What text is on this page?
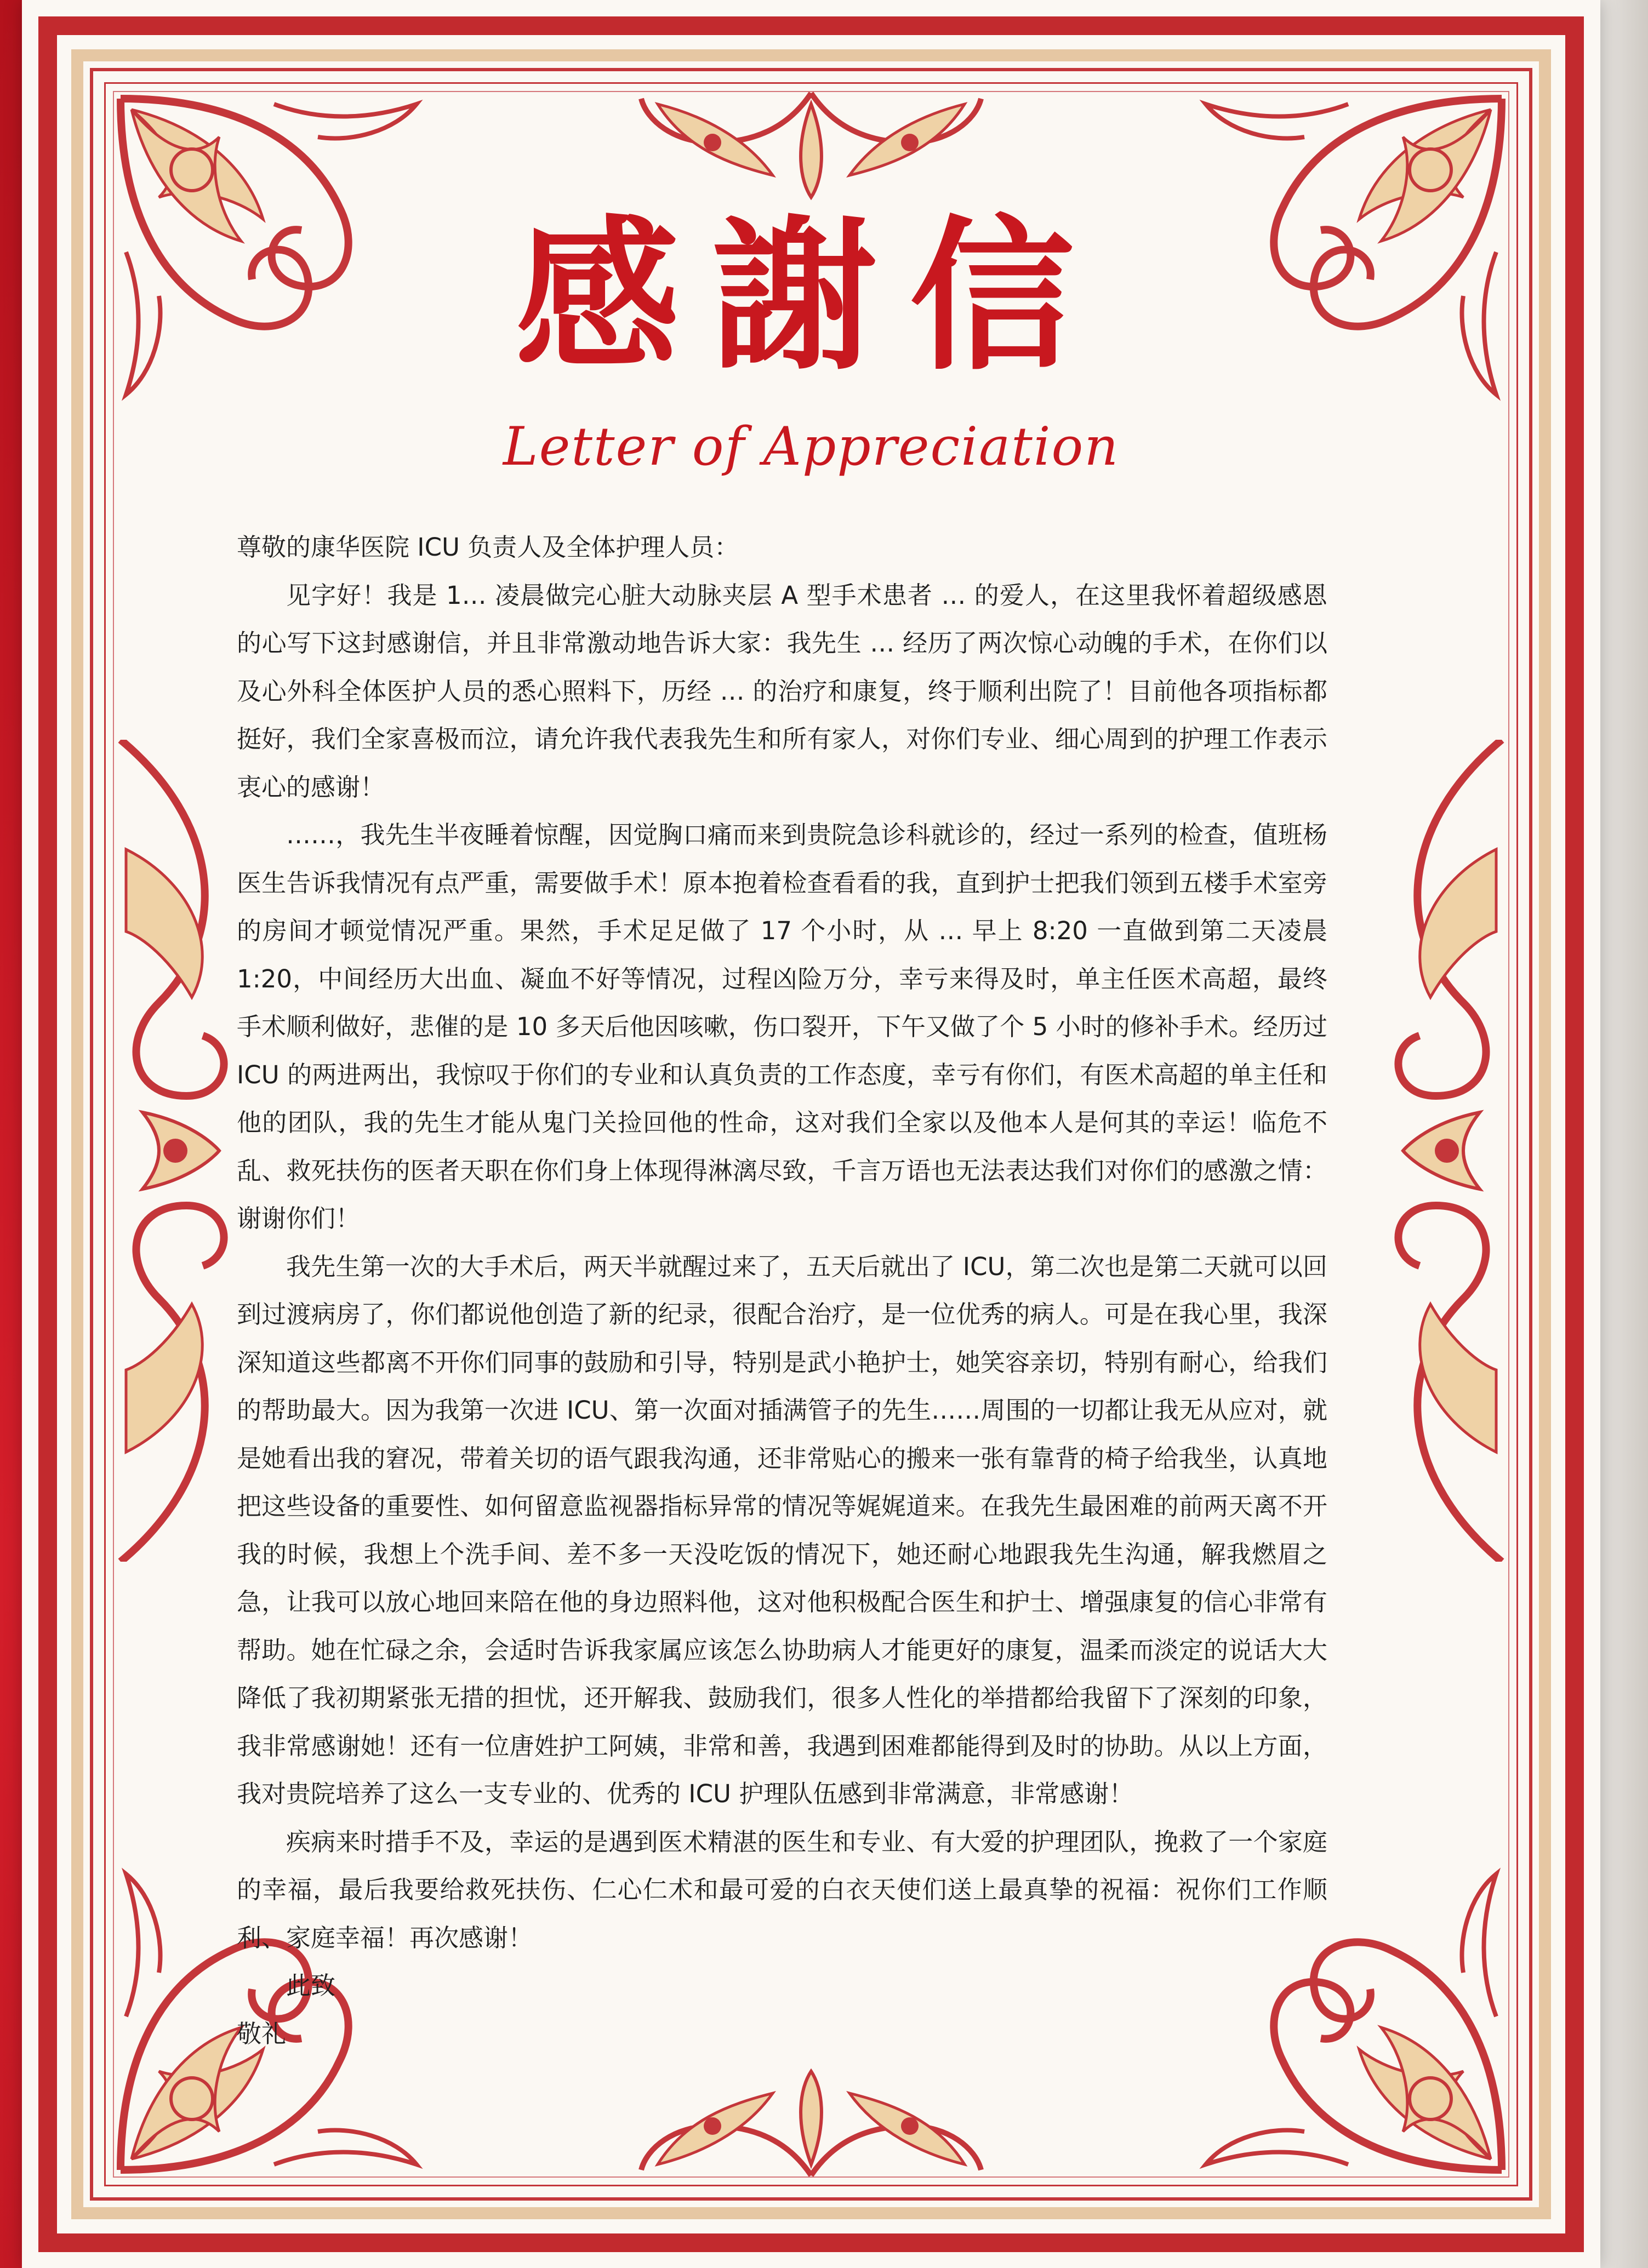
感謝信
Letter of Appreciation

尊敬的康华医院 ICU 负责人及全体护理人员：

见字好！我是 1… 凌晨做完心脏大动脉夹层 A 型手术患者 … 的爱人，在这里我怀着超级感恩的心写下这封感谢信，并且非常激动地告诉大家：我先生 … 经历了两次惊心动魄的手术，在你们以及心外科全体医护人员的悉心照料下，历经 … 的治疗和康复，终于顺利出院了！目前他各项指标都挺好，我们全家喜极而泣，请允许我代表我先生和所有家人，对你们专业、细心周到的护理工作表示衷心的感谢！

……，我先生半夜睡着惊醒，因觉胸口痛而来到贵院急诊科就诊的，经过一系列的检查，值班杨医生告诉我情况有点严重，需要做手术！原本抱着检查看看的我，直到护士把我们领到五楼手术室旁的房间才顿觉情况严重。果然，手术足足做了 17 个小时，从 … 早上 8:20 一直做到第二天凌晨 1:20，中间经历大出血、凝血不好等情况，过程凶险万分，幸亏来得及时，单主任医术高超，最终手术顺利做好，悲催的是 10 多天后他因咳嗽，伤口裂开，下午又做了个 5 小时的修补手术。经历过 ICU 的两进两出，我惊叹于你们的专业和认真负责的工作态度，幸亏有你们，有医术高超的单主任和他的团队，我的先生才能从鬼门关捡回他的性命，这对我们全家以及他本人是何其的幸运！临危不乱、救死扶伤的医者天职在你们身上体现得淋漓尽致，千言万语也无法表达我们对你们的感激之情：谢谢你们！

我先生第一次的大手术后，两天半就醒过来了，五天后就出了 ICU，第二次也是第二天就可以回到过渡病房了，你们都说他创造了新的纪录，很配合治疗，是一位优秀的病人。可是在我心里，我深深知道这些都离不开你们同事的鼓励和引导，特别是武小艳护士，她笑容亲切，特别有耐心，给我们的帮助最大。因为我第一次进 ICU、第一次面对插满管子的先生……周围的一切都让我无从应对，就是她看出我的窘况，带着关切的语气跟我沟通，还非常贴心的搬来一张有靠背的椅子给我坐，认真地把这些设备的重要性、如何留意监视器指标异常的情况等娓娓道来。在我先生最困难的前两天离不开我的时候，我想上个洗手间、差不多一天没吃饭的情况下，她还耐心地跟我先生沟通，解我燃眉之急，让我可以放心地回来陪在他的身边照料他，这对他积极配合医生和护士、增强康复的信心非常有帮助。她在忙碌之余，会适时告诉我家属应该怎么协助病人才能更好的康复，温柔而淡定的说话大大降低了我初期紧张无措的担忧，还开解我、鼓励我们，很多人性化的举措都给我留下了深刻的印象，我非常感谢她！还有一位唐姓护工阿姨，非常和善，我遇到困难都能得到及时的协助。从以上方面，我对贵院培养了这么一支专业的、优秀的 ICU 护理队伍感到非常满意，非常感谢！

疾病来时措手不及，幸运的是遇到医术精湛的医生和专业、有大爱的护理团队，挽救了一个家庭的幸福，最后我要给救死扶伤、仁心仁术和最可爱的白衣天使们送上最真挚的祝福：祝你们工作顺利、家庭幸福！再次感谢！

此致

敬礼
